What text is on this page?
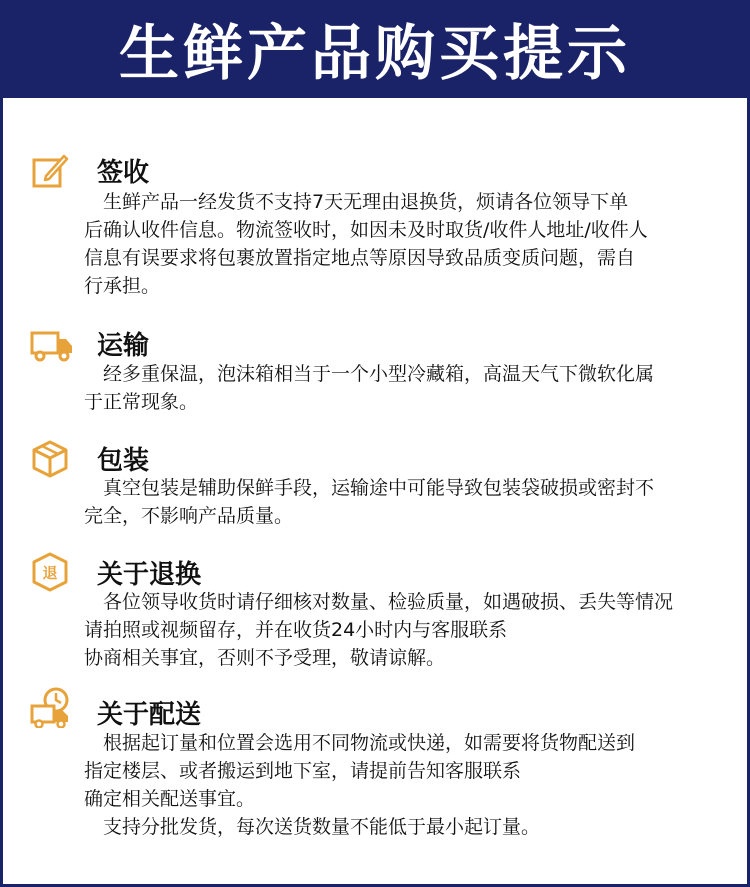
生鲜产品购买提示
签收
　生鲜产品一经发货不支持7天无理由退换货，烦请各位领导下单
后确认收件信息。物流签收时，如因未及时取货/收件人地址/收件人
信息有误要求将包裹放置指定地点等原因导致品质变质问题，需自
行承担。
运输
　经多重保温，泡沫箱相当于一个小型冷藏箱，高温天气下微软化属
于正常现象。
包装
　真空包装是辅助保鲜手段，运输途中可能导致包装袋破损或密封不
完全，不影响产品质量。
退 关于退换
　各位领导收货时请仔细核对数量、检验质量，如遇破损、丢失等情况
请拍照或视频留存，并在收货24小时内与客服联系
协商相关事宜，否则不予受理，敬请谅解。
关于配送
　根据起订量和位置会选用不同物流或快递，如需要将货物配送到
指定楼层、或者搬运到地下室，请提前告知客服联系
确定相关配送事宜。
　支持分批发货，每次送货数量不能低于最小起订量。
